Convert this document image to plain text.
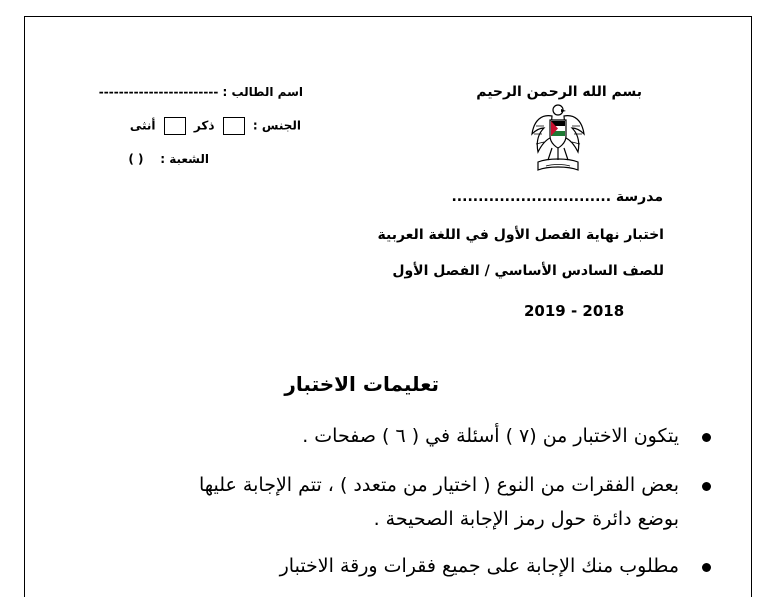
بسم الله الرحمن الرحيم
مدرسة ..............................
اختبار نهاية الفصل الأول في اللغة العربية
للصف السادس الأساسي / الفصل الأول
2019 - 2018
اسم الطالب : ------------------------
الجنس :  ذكر  أنثى
الشعبة :    ( )
تعليمات الاختبار
يتكون الاختبار من (٧ ) أسئلة في ( ٦ ) صفحات .
بعض الفقرات من النوع ( اختيار من متعدد ) ، تتم الإجابة عليها
بوضع دائرة حول رمز الإجابة الصحيحة .
مطلوب منك الإجابة على جميع فقرات ورقة الاختبار
